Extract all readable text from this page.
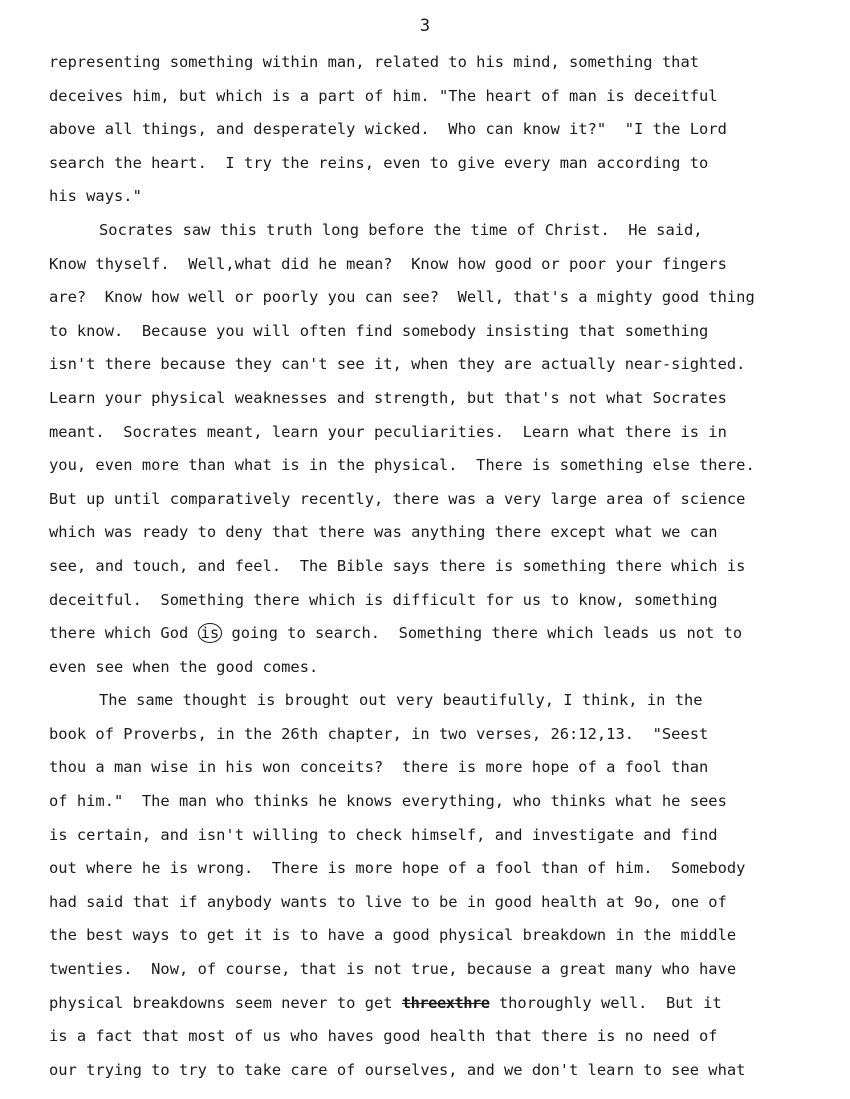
3
representing something within man, related to his mind, something that
deceives him, but which is a part of him. "The heart of man is deceitful
above all things, and desperately wicked.  Who can know it?"  "I the Lord
search the heart.  I try the reins, even to give every man according to
his ways."
Socrates saw this truth long before the time of Christ.  He said,
Know thyself.  Well,what did he mean?  Know how good or poor your fingers
are?  Know how well or poorly you can see?  Well, that's a mighty good thing
to know.  Because you will often find somebody insisting that something
isn't there because they can't see it, when they are actually near-sighted.
Learn your physical weaknesses and strength, but that's not what Socrates
meant.  Socrates meant, learn your peculiarities.  Learn what there is in
you, even more than what is in the physical.  There is something else there.
But up until comparatively recently, there was a very large area of science
which was ready to deny that there was anything there except what we can
see, and touch, and feel.  The Bible says there is something there which is
deceitful.  Something there which is difficult for us to know, something
there which God is going to search.  Something there which leads us not to
even see when the good comes.
The same thought is brought out very beautifully, I think, in the
book of Proverbs, in the 26th chapter, in two verses, 26:12,13.  "Seest
thou a man wise in his won conceits?  there is more hope of a fool than
of him."  The man who thinks he knows everything, who thinks what he sees
is certain, and isn't willing to check himself, and investigate and find
out where he is wrong.  There is more hope of a fool than of him.  Somebody
had said that if anybody wants to live to be in good health at 9o, one of
the best ways to get it is to have a good physical breakdown in the middle
twenties.  Now, of course, that is not true, because a great many who have
physical breakdowns seem never to get threexthre thoroughly well.  But it
is a fact that most of us who haves good health that there is no need of
our trying to try to take care of ourselves, and we don't learn to see what
